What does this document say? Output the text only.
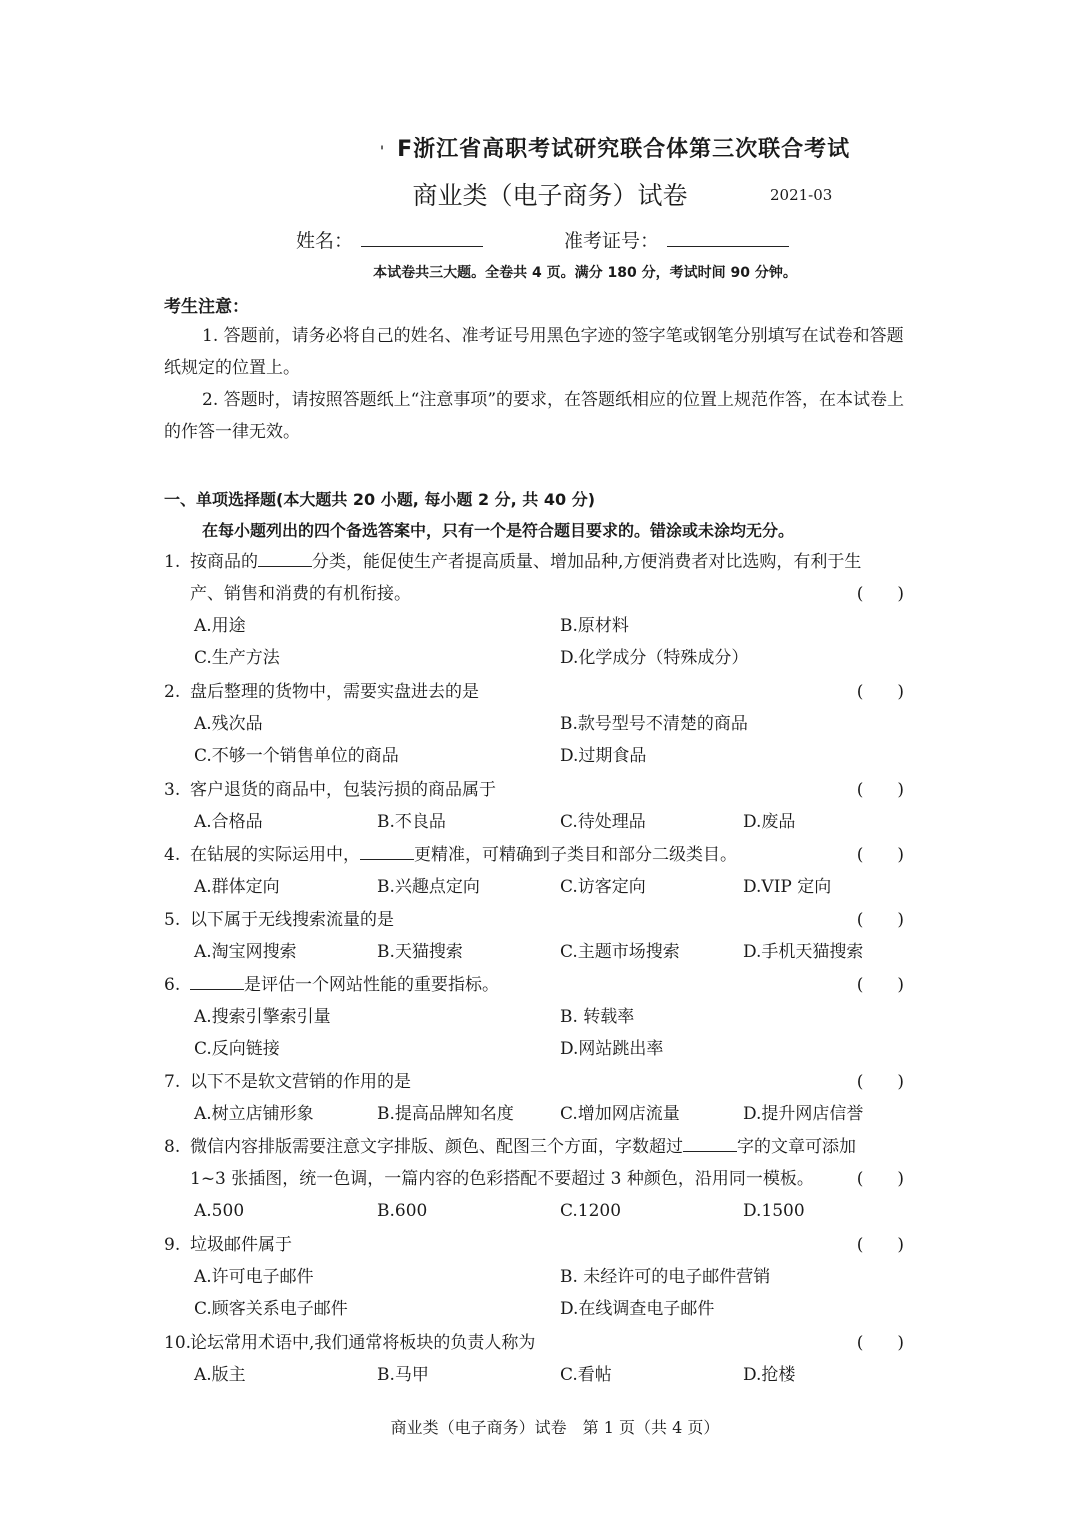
' F浙江省高职考试研究联合体第三次联合考试
商业类（电子商务）试卷	2021-03
姓名：	准考证号：
本试卷共三大题。全卷共 4 页。满分 180 分，考试时间 90 分钟。
考生注意：
1. 答题前，请务必将自己的姓名、准考证号用黑色字迹的签字笔或钢笔分别填写在试卷和答题纸规定的位置上。
2. 答题时，请按照答题纸上“注意事项”的要求，在答题纸相应的位置上规范作答，在本试卷上的作答一律无效。
一、单项选择题(本大题共 20 小题, 每小题 2 分, 共 40 分)
在每小题列出的四个备选答案中，只有一个是符合题目要求的。错涂或未涂均无分。
1. 按商品的	分类，能促使生产者提高质量、增加品种,方便消费者对比选购，有利于生
产、销售和消费的有机衔接。	(　　)
A.用途	B.原材料
C.生产方法	D.化学成分（特殊成分）
2. 盘后整理的货物中，需要实盘进去的是	(　　)
A.残次品	B.款号型号不清楚的商品
C.不够一个销售单位的商品	D.过期食品
3. 客户退货的商品中，包装污损的商品属于	(　　)
A.合格品	B.不良品	C.待处理品	D.废品
4. 在钻展的实际运用中，	更精准，可精确到子类目和部分二级类目。	(　　)
A.群体定向	B.兴趣点定向	C.访客定向	D.VIP 定向
5. 以下属于无线搜索流量的是	(　　)
A.淘宝网搜索	B.天猫搜索	C.主题市场搜索	D.手机天猫搜索
6.	是评估一个网站性能的重要指标。	(　　)
A.搜索引擎索引量	B. 转载率
C.反向链接	D.网站跳出率
7. 以下不是软文营销的作用的是	(　　)
A.树立店铺形象	B.提高品牌知名度	C.增加网店流量	D.提升网店信誉
8. 微信内容排版需要注意文字排版、颜色、配图三个方面，字数超过	字的文章可添加
1~3 张插图，统一色调，一篇内容的色彩搭配不要超过 3 种颜色，沿用同一模板。	(　　)
A.500	B.600	C.1200	D.1500
9. 垃圾邮件属于	(　　)
A.许可电子邮件	B. 未经许可的电子邮件营销
C.顾客关系电子邮件	D.在线调查电子邮件
10.论坛常用术语中,我们通常将板块的负责人称为	(　　)
A.版主	B.马甲	C.看帖	D.抢楼
商业类（电子商务）试卷　第 1 页（共 4 页）
